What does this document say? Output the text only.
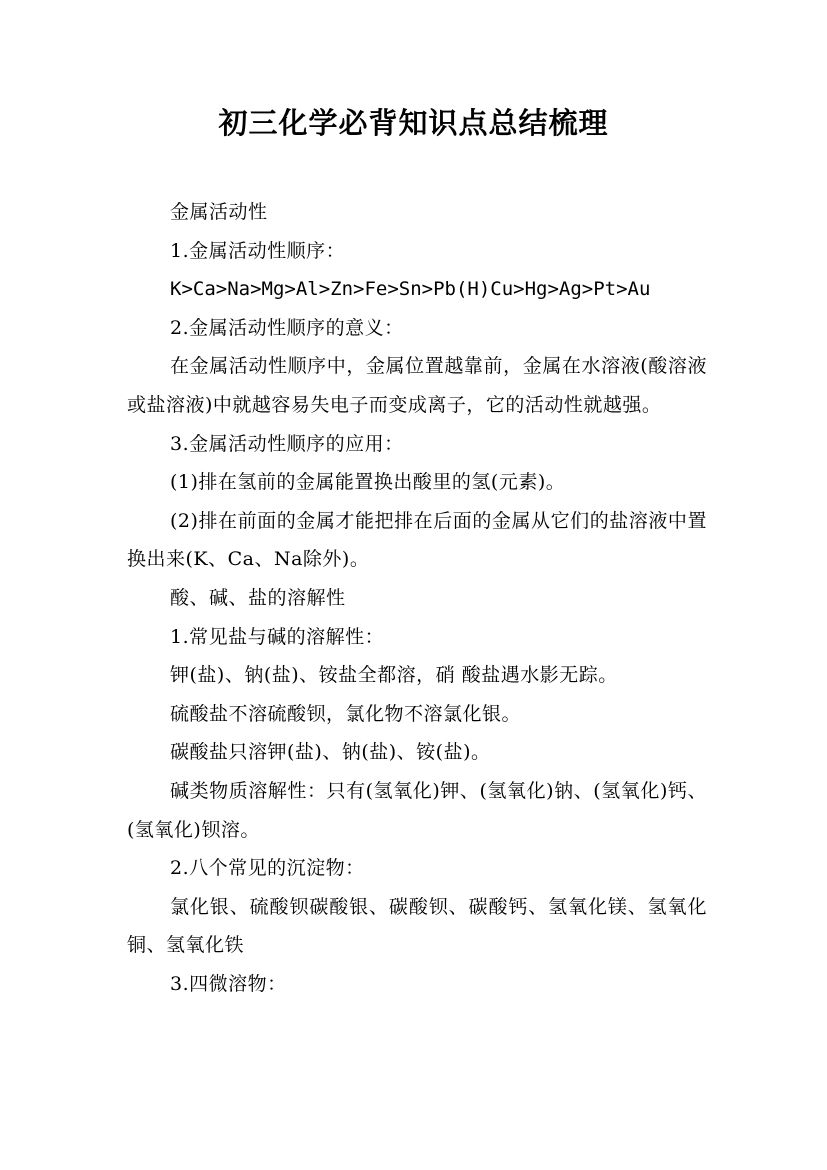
初三化学必背知识点总结梳理

金属活动性

1.金属活动性顺序：

K>Ca>Na>Mg>Al>Zn>Fe>Sn>Pb(H)Cu>Hg>Ag>Pt>Au

2.金属活动性顺序的意义：

在金属活动性顺序中，金属位置越靠前，金属在水溶液(酸溶液或盐溶液)中就越容易失电子而变成离子，它的活动性就越强。

3.金属活动性顺序的应用：

(1)排在氢前的金属能置换出酸里的氢(元素)。

(2)排在前面的金属才能把排在后面的金属从它们的盐溶液中置换出来(K、Ca、Na除外)。

酸、碱、盐的溶解性

1.常见盐与碱的溶解性：

钾(盐)、钠(盐)、铵盐全都溶，硝 酸盐遇水影无踪。

硫酸盐不溶硫酸钡，氯化物不溶氯化银。

碳酸盐只溶钾(盐)、钠(盐)、铵(盐)。

碱类物质溶解性：只有(氢氧化)钾、(氢氧化)钠、(氢氧化)钙、(氢氧化)钡溶。

2.八个常见的沉淀物：

氯化银、硫酸钡碳酸银、碳酸钡、碳酸钙、氢氧化镁、氢氧化铜、氢氧化铁

3.四微溶物：
